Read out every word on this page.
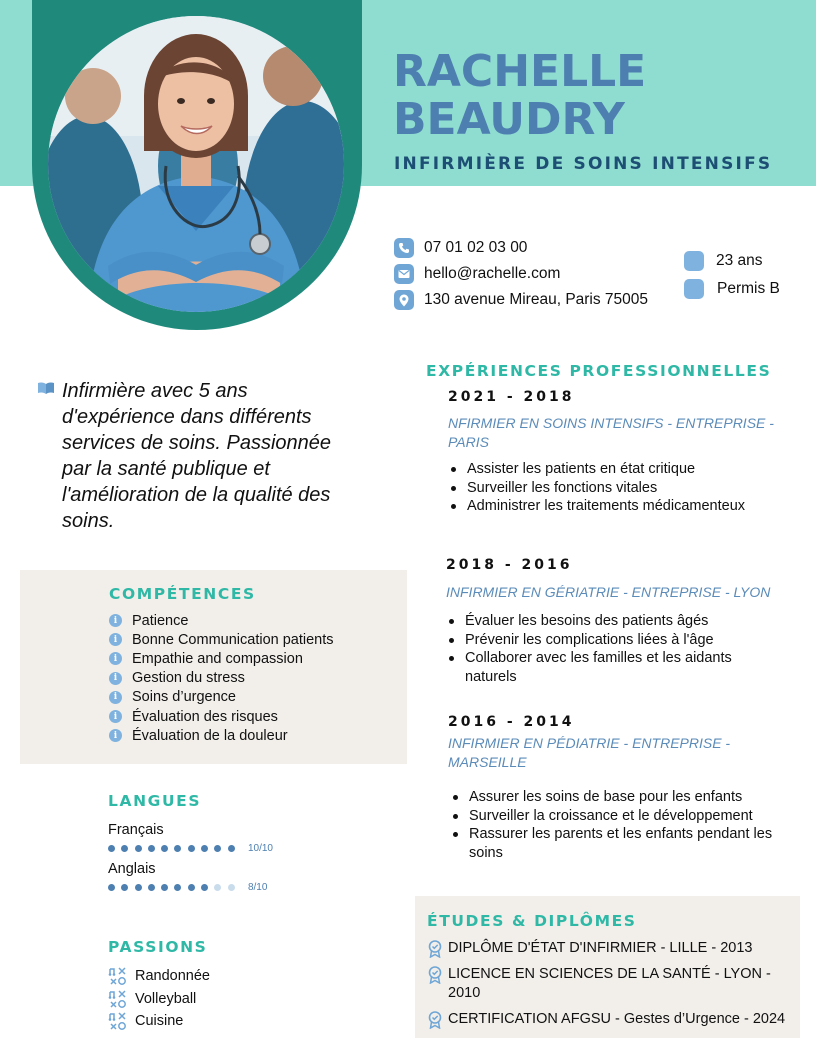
RACHELLE
BEAUDRY
INFIRMIÈRE DE SOINS INTENSIFS
07 01 02 03 00
hello@rachelle.com
130 avenue Mireau, Paris 75005
23 ans
Permis B
Infirmière avec 5 ans d'expérience dans différents services de soins. Passionnée par la santé publique et l'amélioration de la qualité des soins.
COMPÉTENCES
i	Patience
i	Bonne Communication patients
i	Empathie and compassion
i	Gestion du stress
i	Soins d’urgence
i	Évaluation des risques
i	Évaluation de la douleur
LANGUES
Français
10/10
Anglais
8/10
PASSIONS
Randonnée
Volleyball
Cuisine
EXPÉRIENCES PROFESSIONNELLES
2021 - 2018
NFIRMIER EN SOINS INTENSIFS - ENTREPRISE - PARIS
Assister les patients en état critique
Surveiller les fonctions vitales
Administrer les traitements médicamenteux
2018 - 2016
INFIRMIER EN GÉRIATRIE - ENTREPRISE - LYON
Évaluer les besoins des patients âgés
Prévenir les complications liées à l'âge
Collaborer avec les familles et les aidants naturels
2016 - 2014
INFIRMIER EN PÉDIATRIE - ENTREPRISE - MARSEILLE
Assurer les soins de base pour les enfants
Surveiller la croissance et le développement
Rassurer les parents et les enfants pendant les soins
ÉTUDES & DIPLÔMES
DIPLÔME D'ÉTAT D'INFIRMIER - LILLE - 2013
LICENCE EN SCIENCES DE LA SANTÉ - LYON - 2010
CERTIFICATION AFGSU - Gestes d’Urgence - 2024
